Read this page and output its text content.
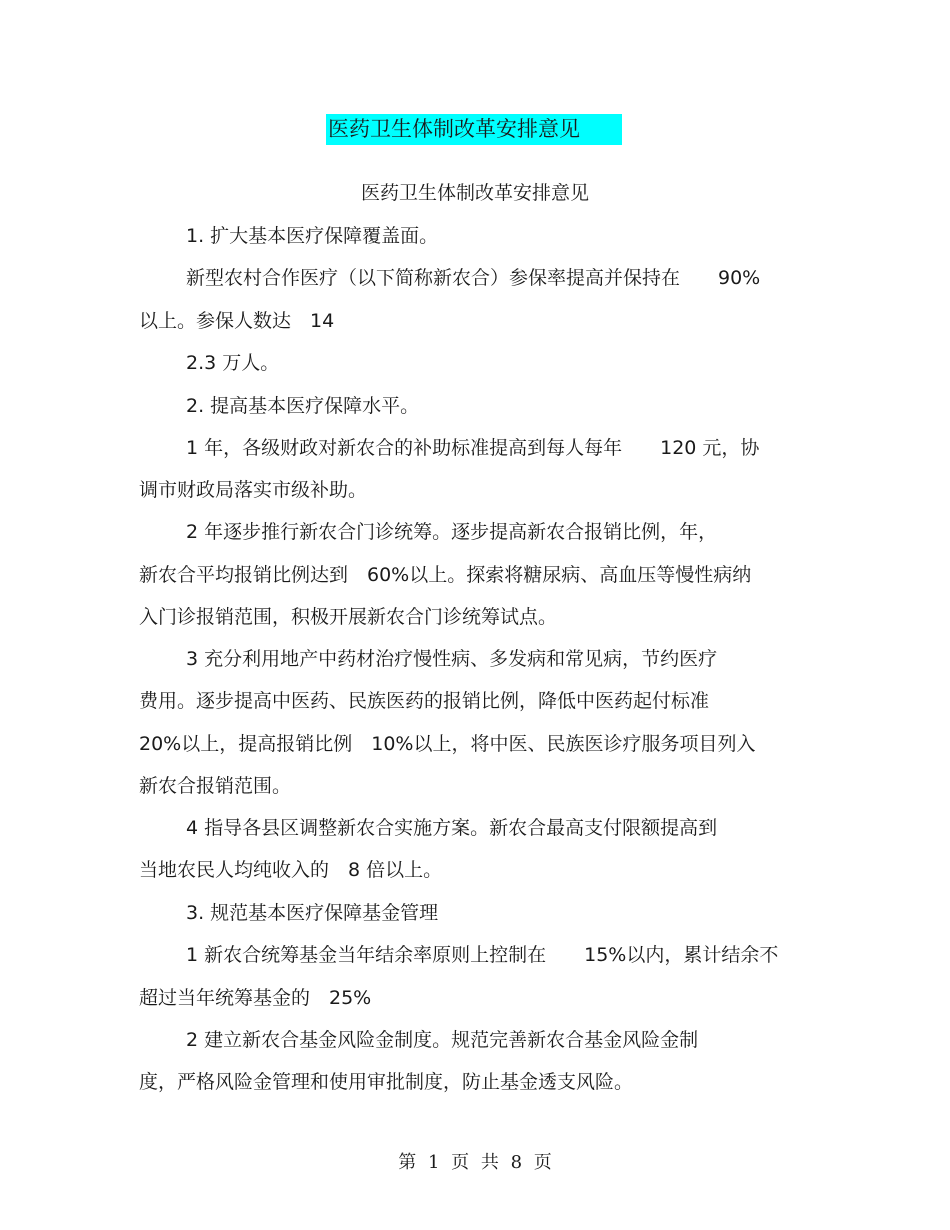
医药卫生体制改革安排意见
医药卫生体制改革安排意见
1. 扩大基本医疗保障覆盖面。
新型农村合作医疗（以下简称新农合）参保率提高并保持在　　90%
以上。参保人数达　14
2.3 万人。
2. 提高基本医疗保障水平。
1 年，各级财政对新农合的补助标准提高到每人每年　　120 元，协
调市财政局落实市级补助。
2 年逐步推行新农合门诊统筹。逐步提高新农合报销比例，年，
新农合平均报销比例达到　60%以上。探索将糖尿病、高血压等慢性病纳
入门诊报销范围，积极开展新农合门诊统筹试点。
3 充分利用地产中药材治疗慢性病、多发病和常见病，节约医疗
费用。逐步提高中医药、民族医药的报销比例，降低中医药起付标准
20%以上，提高报销比例　10%以上，将中医、民族医诊疗服务项目列入
新农合报销范围。
4 指导各县区调整新农合实施方案。新农合最高支付限额提高到
当地农民人均纯收入的　8 倍以上。
3. 规范基本医疗保障基金管理
1 新农合统筹基金当年结余率原则上控制在　　15%以内，累计结余不
超过当年统筹基金的　25%
2 建立新农合基金风险金制度。规范完善新农合基金风险金制
度，严格风险金管理和使用审批制度，防止基金透支风险。
第 1 页 共 8 页
